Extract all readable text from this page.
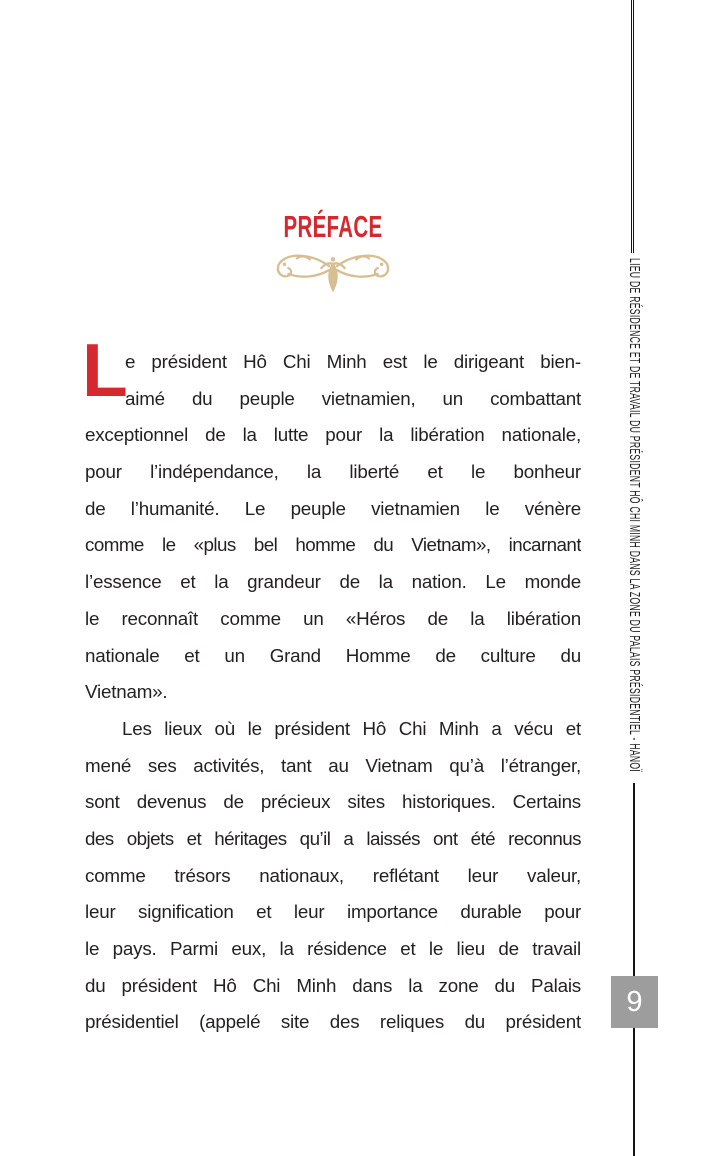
PRÉFACE
L
e président Hô Chi Minh est le dirigeant bien-
aimé du peuple vietnamien, un combattant
exceptionnel de la lutte pour la libération nationale,
pour l’indépendance, la liberté et le bonheur
de l’humanité. Le peuple vietnamien le vénère
comme le «plus bel homme du Vietnam», incarnant
l’essence et la grandeur de la nation. Le monde
le reconnaît comme un «Héros de la libération
nationale et un Grand Homme de culture du
Vietnam».
Les lieux où le président Hô Chi Minh a vécu et
mené ses activités, tant au Vietnam qu’à l’étranger,
sont devenus de précieux sites historiques. Certains
des objets et héritages qu’il a laissés ont été reconnus
comme trésors nationaux, reflétant leur valeur,
leur signification et leur importance durable pour
le pays. Parmi eux, la résidence et le lieu de travail
du président Hô Chi Minh dans la zone du Palais
présidentiel (appelé site des reliques du président
LIEU DE RÉSIDENCE ET DE TRAVAIL DU PRÉSIDENT HÔ CHI MINH DANS LA ZONE DU PALAIS PRÉSIDENTIEL - HANOÏ
9
